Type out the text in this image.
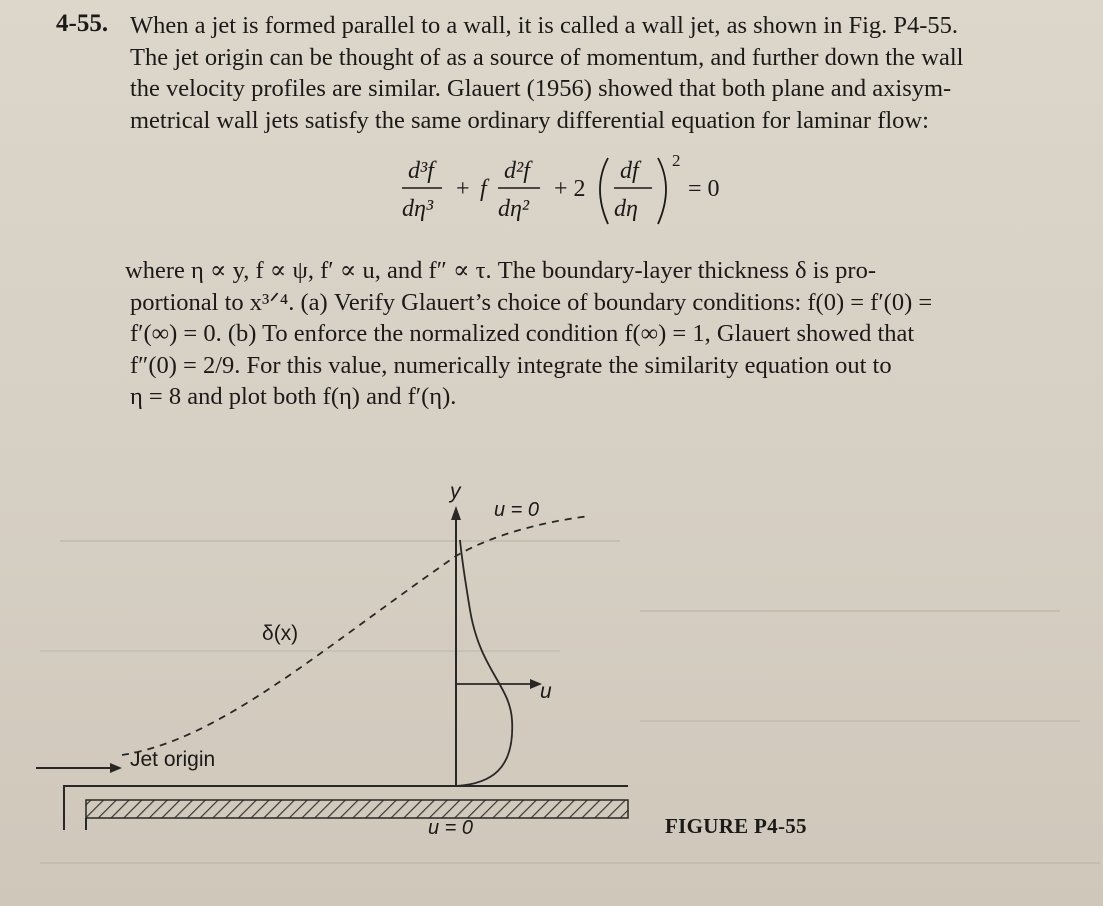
4-55. When a jet is formed parallel to a wall, it is called a wall jet, as shown in Fig. P4-55.
The jet origin can be thought of as a source of momentum, and further down the wall
the velocity profiles are similar. Glauert (1956) showed that both plane and axisym-
metrical wall jets satisfy the same ordinary differential equation for laminar flow:
d³f
dη³
+ f
d²f
dη²
+ 2
df
dη
2
= 0
where η ∝ y, f ∝ ψ, f′ ∝ u, and f″ ∝ τ. The boundary-layer thickness δ is pro-
portional to x³ᐟ⁴. (a) Verify Glauert’s choice of boundary conditions: f(0) = f′(0) =
f′(∞) = 0. (b) To enforce the normalized condition f(∞) = 1, Glauert showed that
f″(0) = 2/9. For this value, numerically integrate the similarity equation out to
η = 8 and plot both f(η) and f′(η).
Jet origin
y
u
δ(x)
u = 0
u = 0	FIGURE P4-55
